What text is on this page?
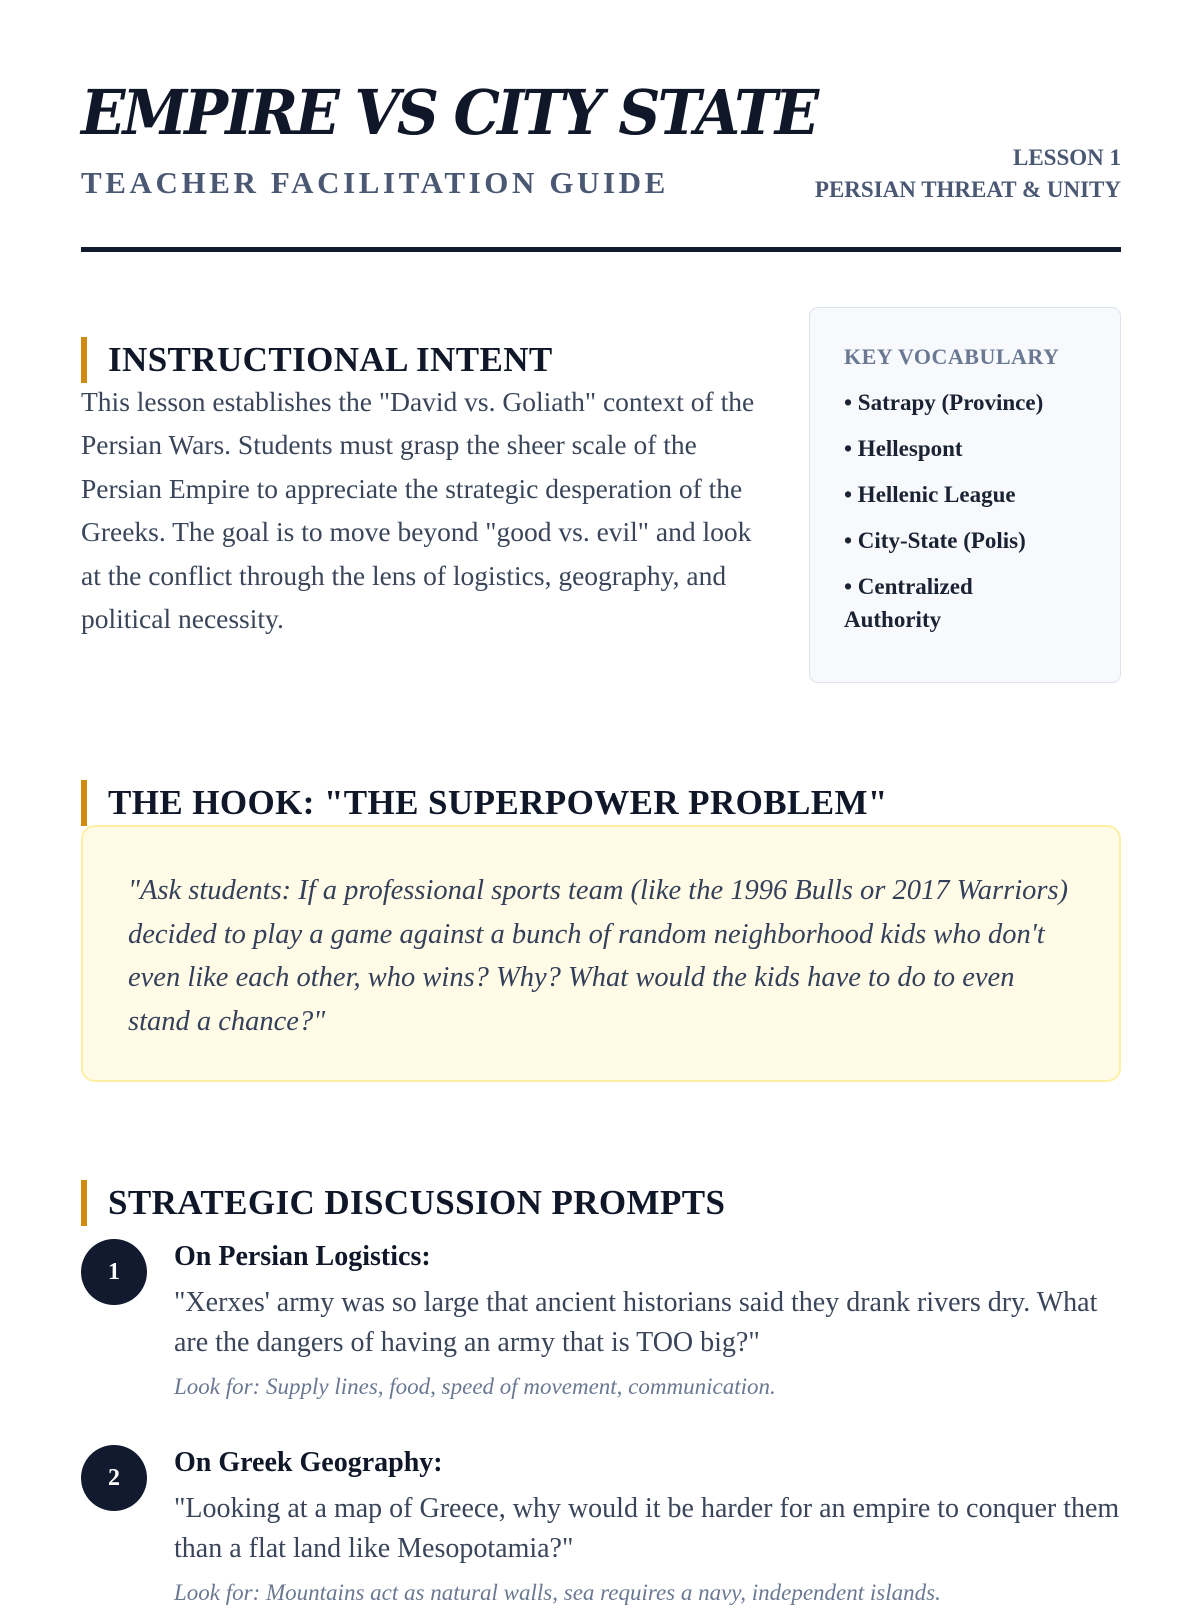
EMPIRE VS CITY STATE
TEACHER FACILITATION GUIDE
LESSON 1
PERSIAN THREAT & UNITY
INSTRUCTIONAL INTENT

This lesson establishes the "David vs. Goliath" context of the Persian Wars. Students must grasp the sheer scale of the Persian Empire to appreciate the strategic desperation of the Greeks. The goal is to move beyond "good vs. evil" and look at the conflict through the lens of logistics, geography, and political necessity.

KEY VOCABULARY
• Satrapy (Province)
• Hellespont
• Hellenic League
• City-State (Polis)
• Centralized Authority
THE HOOK: "THE SUPERPOWER PROBLEM"

"Ask students: If a professional sports team (like the 1996 Bulls or 2017 Warriors) decided to play a game against a bunch of random neighborhood kids who don't even like each other, who wins? Why? What would the kids have to do to even stand a chance?"

STRATEGIC DISCUSSION PROMPTS
1	On Persian Logistics:

"Xerxes' army was so large that ancient historians said they drank rivers dry. What are the dangers of having an army that is TOO big?"

Look for: Supply lines, food, speed of movement, communication.
2	On Greek Geography:

"Looking at a map of Greece, why would it be harder for an empire to conquer them than a flat land like Mesopotamia?"

Look for: Mountains act as natural walls, sea requires a navy, independent islands.
